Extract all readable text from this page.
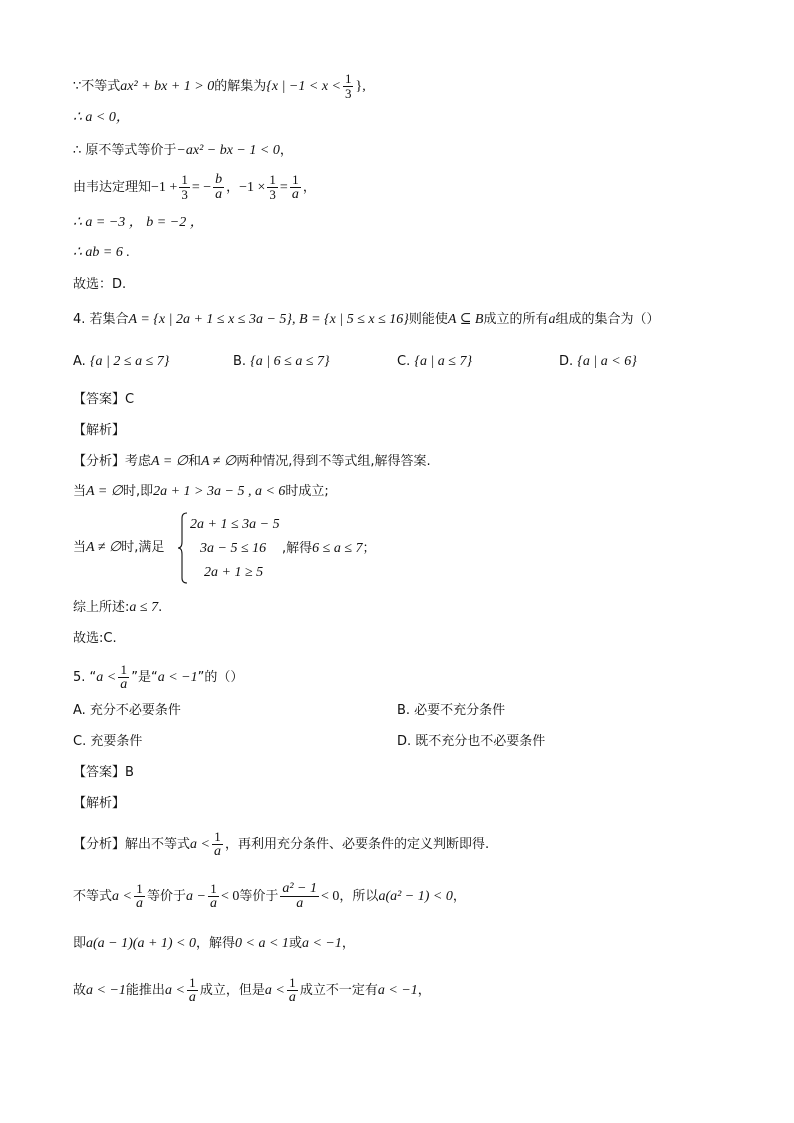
∵不等式ax² + bx + 1 > 0的解集为{x | $-1 < x < \frac{1}{3}$ },
∴ a < 0，
∴ 原不等式等价于−ax² − bx − 1 < 0，
由韦达定理知$-1 + \frac{1}{3}$ = − $\frac{b}{a}$ ，$-1 \times \frac{1}{3} = \frac{1}{a}$ ，
∴ a = −3 ， b = −2 ，
∴ ab = 6 .
故选：D.
4. 若集合A = {x | 2a + 1 ≤ x ≤ 3a − 5}, B = {x | 5 ≤ x ≤ 16}则能使A ⊆ B成立的所有a组成的集合为（）
A. {a | 2 ≤ a ≤ 7}	B. {a | 6 ≤ a ≤ 7}	C. {a | a ≤ 7}	D. {a | a < 6}
【答案】C
【解析】
【分析】考虑A = ∅和A ≠ ∅两种情况,得到不等式组,解得答案.
当A = ∅时,即2a + 1 > 3a − 5 , a < 6时成立;
当A ≠ ∅时,满足
2a + 1 ≤ 3a − 5
3a − 5 ≤ 16
2a + 1 ≥ 5
,解得6 ≤ a ≤ 7；
综上所述:a ≤ 7.
故选:C.
5. “$a < \frac{1}{a}$ ”是“a < −1”的（）
A. 充分不必要条件	B. 必要不充分条件
C. 充要条件	D. 既不充分也不必要条件
【答案】B
【解析】
【分析】解出不等式$a < \frac{1}{a}$ ，再利用充分条件、必要条件的定义判断即得.
不等式$a < \frac{1}{a}$ 等价于$a - \frac{1}{a} < 0$等价于 $\frac{\text{a² − 1}}{a} < 0$，所以a(a² − 1) < 0，
即a(a − 1)(a + 1) < 0，解得0 < a < 1或a < −1，
故a < −1能推出$a < \frac{1}{a}$ 成立，但是$a < \frac{1}{a}$ 成立不一定有a < −1，
